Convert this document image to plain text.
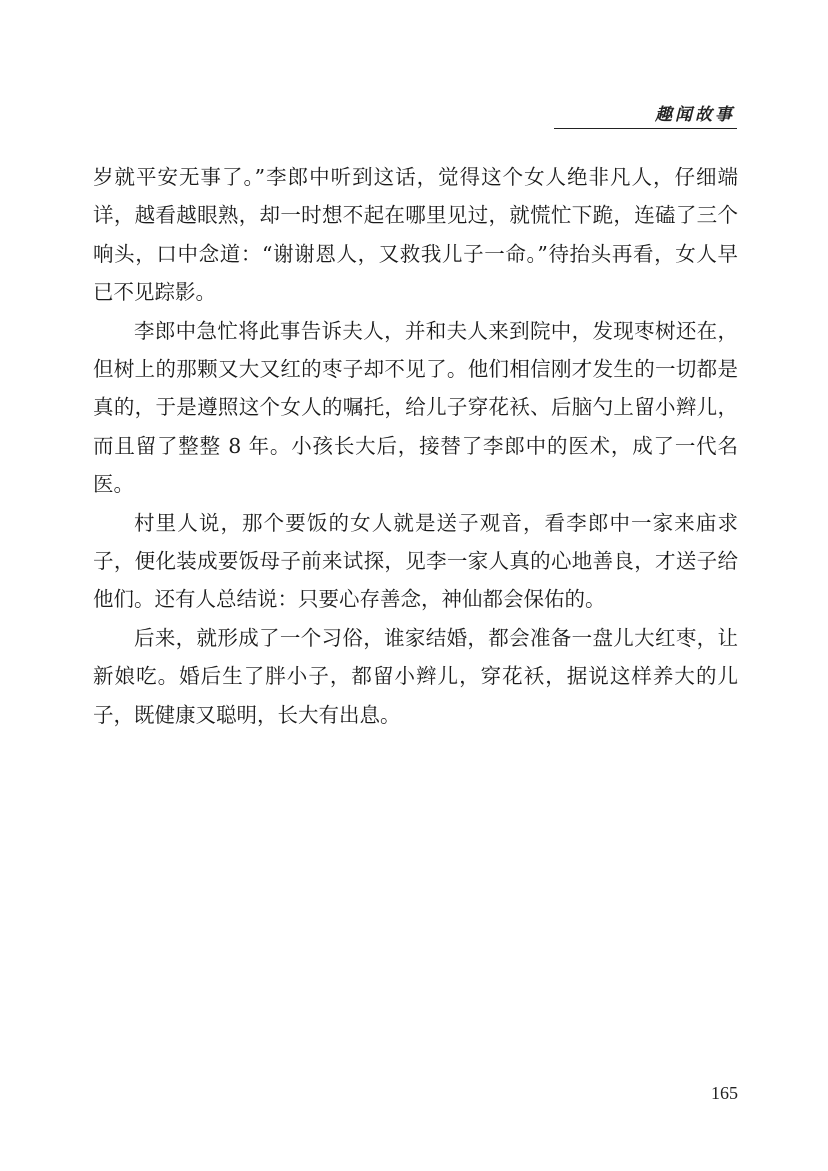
趣闻故事

岁就平安无事了。”李郎中听到这话，觉得这个女人绝非凡人，仔细端详，越看越眼熟，却一时想不起在哪里见过，就慌忙下跪，连磕了三个响头，口中念道：“谢谢恩人，又救我儿子一命。”待抬头再看，女人早已不见踪影。

李郎中急忙将此事告诉夫人，并和夫人来到院中，发现枣树还在，但树上的那颗又大又红的枣子却不见了。他们相信刚才发生的一切都是真的，于是遵照这个女人的嘱托，给儿子穿花袄、后脑勺上留小辫儿，而且留了整整 8 年。小孩长大后，接替了李郎中的医术，成了一代名医。

村里人说，那个要饭的女人就是送子观音，看李郎中一家来庙求子，便化装成要饭母子前来试探，见李一家人真的心地善良，才送子给他们。还有人总结说：只要心存善念，神仙都会保佑的。

后来，就形成了一个习俗，谁家结婚，都会准备一盘儿大红枣，让新娘吃。婚后生了胖小子，都留小辫儿，穿花袄，据说这样养大的儿子，既健康又聪明，长大有出息。

165
